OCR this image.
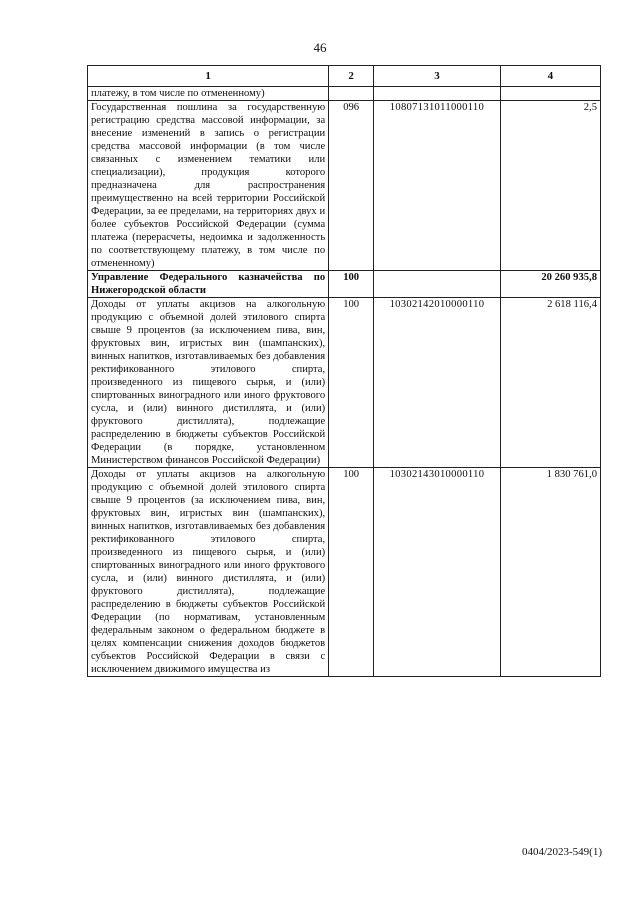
46
1	2	3	4
платежу, в том числе по отмененному)			
Государственная пошлина за государственную регистрацию средства массовой информации, за внесение изменений в запись о регистрации средства массовой информации (в том числе связанных с изменением тематики или специализации), продукция которого предназначена для распространения преимущественно на всей территории Российской Федерации, за ее пределами, на территориях двух и более субъектов Российской Федерации (сумма платежа (перерасчеты, недоимка и задолженность по соответствующему платежу, в том числе по отмененному)	096	10807131011000110	2,5
Управление Федерального казначейства по Нижегородской области	100		20 260 935,8
Доходы от уплаты акцизов на алкогольную продукцию с объемной долей этилового спирта свыше 9 процентов (за исключением пива, вин, фруктовых вин, игристых вин (шампанских), винных напитков, изготавливаемых без добавления ректификованного этилового спирта, произведенного из пищевого сырья, и (или) спиртованных виноградного или иного фруктового сусла, и (или) винного дистиллята, и (или) фруктового дистиллята), подлежащие распределению в бюджеты субъектов Российской Федерации (в порядке, установленном Министерством финансов Российской Федерации)	100	10302142010000110	2 618 116,4
Доходы от уплаты акцизов на алкогольную продукцию с объемной долей этилового спирта свыше 9 процентов (за исключением пива, вин, фруктовых вин, игристых вин (шампанских), винных напитков, изготавливаемых без добавления ректификованного этилового спирта, произведенного из пищевого сырья, и (или) спиртованных виноградного или иного фруктового сусла, и (или) винного дистиллята, и (или) фруктового дистиллята), подлежащие распределению в бюджеты субъектов Российской Федерации (по нормативам, установленным федеральным законом о федеральном бюджете в целях компенсации снижения доходов бюджетов субъектов Российской Федерации в связи с исключением движимого имущества из	100	10302143010000110	1 830 761,0
0404/2023-549(1)
